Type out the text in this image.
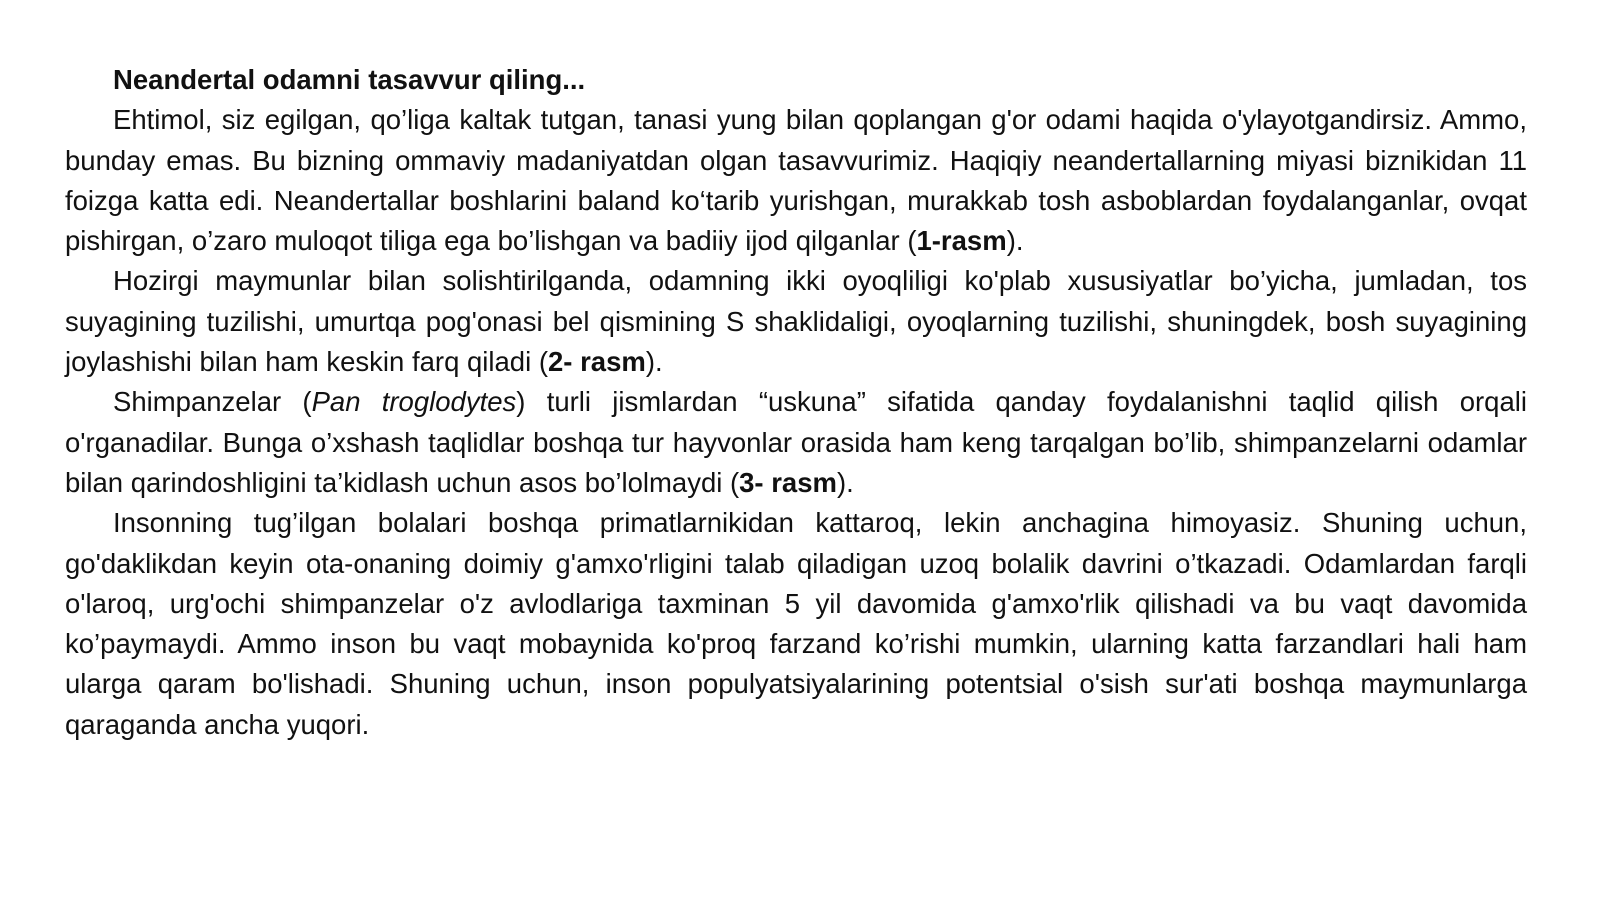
Neandertal odamni tasavvur qiling...

Ehtimol, siz egilgan, qo’liga kaltak tutgan, tanasi yung bilan qoplangan g'or odami haqida o'ylayotgandirsiz. Ammo, bunday emas. Bu bizning ommaviy madaniyatdan olgan tasavvurimiz. Haqiqiy neandertallarning miyasi biznikidan 11 foizga katta edi. Neandertallar boshlarini baland ko‘tarib yurishgan, murakkab tosh asboblardan foydalanganlar, ovqat pishirgan, o’zaro muloqot tiliga ega bo’lishgan va badiiy ijod qilganlar (1-rasm).

Hozirgi maymunlar bilan solishtirilganda, odamning ikki oyoqliligi ko'plab xususiyatlar bo’yicha, jumladan, tos suyagining tuzilishi, umurtqa pog'onasi bel qismining S shaklidaligi, oyoqlarning tuzilishi, shuningdek, bosh suyagining joylashishi bilan ham keskin farq qiladi (2- rasm).

Shimpanzelar (Pan troglodytes) turli jismlardan “uskuna” sifatida qanday foydalanishni taqlid qilish orqali o'rganadilar. Bunga o’xshash taqlidlar boshqa tur hayvonlar orasida ham keng tarqalgan bo’lib, shimpanzelarni odamlar bilan qarindoshligini ta’kidlash uchun asos bo’lolmaydi (3- rasm).

Insonning tug’ilgan bolalari boshqa primatlarnikidan kattaroq, lekin anchagina himoyasiz. Shuning uchun, go'daklikdan keyin ota-onaning doimiy g'amxo'rligini talab qiladigan uzoq bolalik davrini o’tkazadi. Odamlardan farqli o'laroq, urg'ochi shimpanzelar o'z avlodlariga taxminan 5 yil davomida g'amxo'rlik qilishadi va bu vaqt davomida ko’paymaydi. Ammo inson bu vaqt mobaynida ko'proq farzand ko’rishi mumkin, ularning katta farzandlari hali ham ularga qaram bo'lishadi. Shuning uchun, inson populyatsiyalarining potentsial o'sish sur'ati boshqa maymunlarga qaraganda ancha yuqori.
